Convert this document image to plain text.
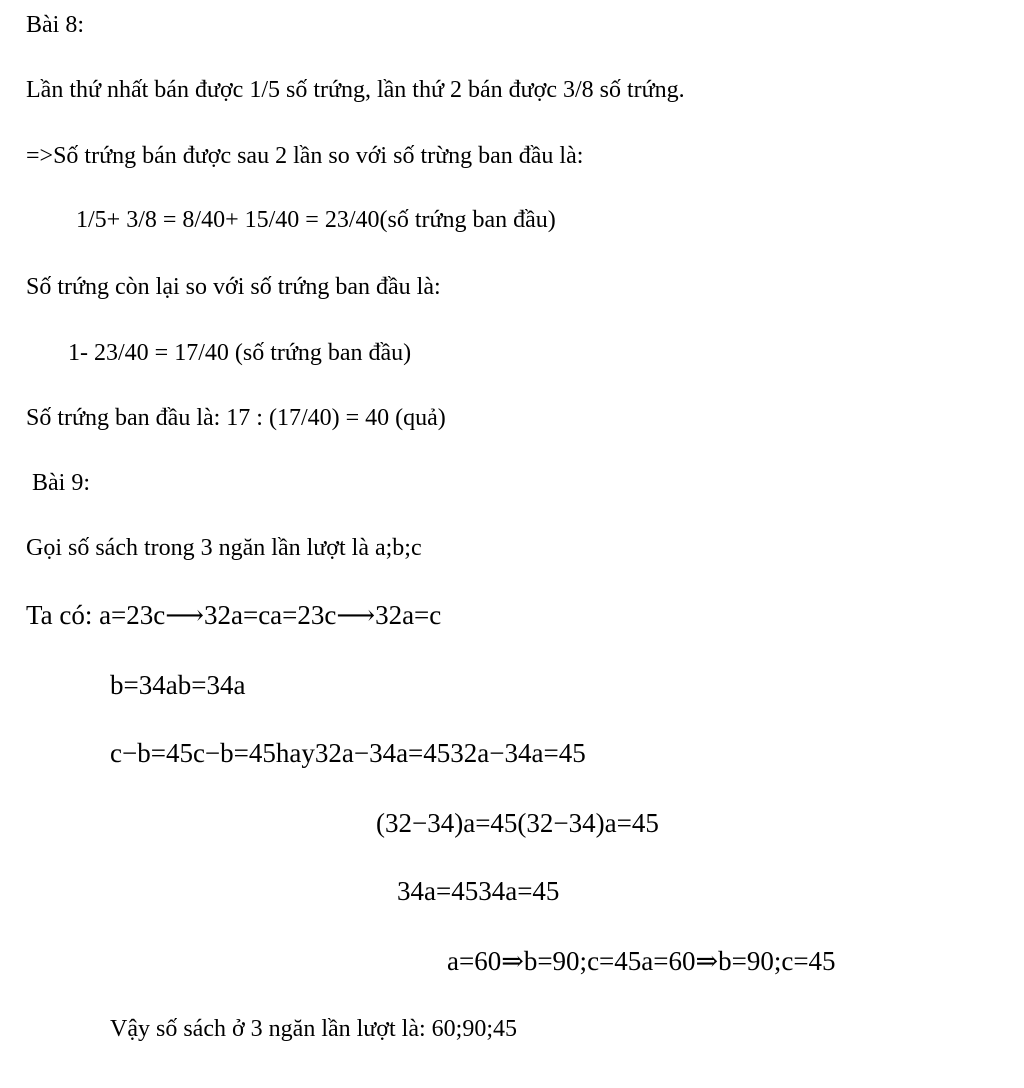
Bài 8:
Lần thứ nhất bán được 1/5 số trứng, lần thứ 2 bán được 3/8 số trứng.
=>Số trứng bán được sau 2 lần so với số trừng ban đầu là:
1/5+ 3/8 = 8/40+ 15/40 = 23/40(số trứng ban đầu)
Số trứng còn lại so với số trứng ban đầu là:
1- 23/40 = 17/40 (số trứng ban đầu)
Số trứng ban đầu là: 17 : (17/40) = 40 (quả)
Bài 9:
Gọi số sách trong 3 ngăn lần lượt là a;b;c
Ta có: a=23c⟶32a=ca=23c⟶32a=c
b=34ab=34a
c−b=45c−b=45hay32a−34a=4532a−34a=45
(32−34)a=45(32−34)a=45
34a=4534a=45
a=60⇒b=90;c=45a=60⇒b=90;c=45
Vậy số sách ở 3 ngăn lần lượt là: 60;90;45
